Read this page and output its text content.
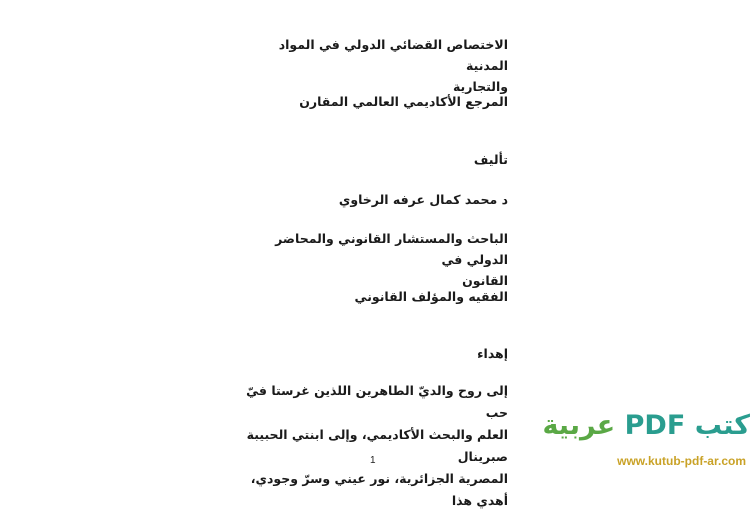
الاختصاص القضائي الدولي في المواد المدنية
والتجارية
المرجع الأكاديمي العالمي المقارن
تأليف
د محمد كمال عرفه الرخاوي
الباحث والمستشار القانوني والمحاضر الدولي في
القانون
الفقيه والمؤلف القانوني
إهداء
إلى روح والديّ الطاهرين اللذين غرستا فيّ حب
العلم والبحث الأكاديمي، وإلى ابنتي الحبيبة صبرينال
المصرية الجزائرية، نور عيني وسرّ وجودي، أهدي هذا
1
كتب PDF عربية
www.kutub-pdf-ar.com
